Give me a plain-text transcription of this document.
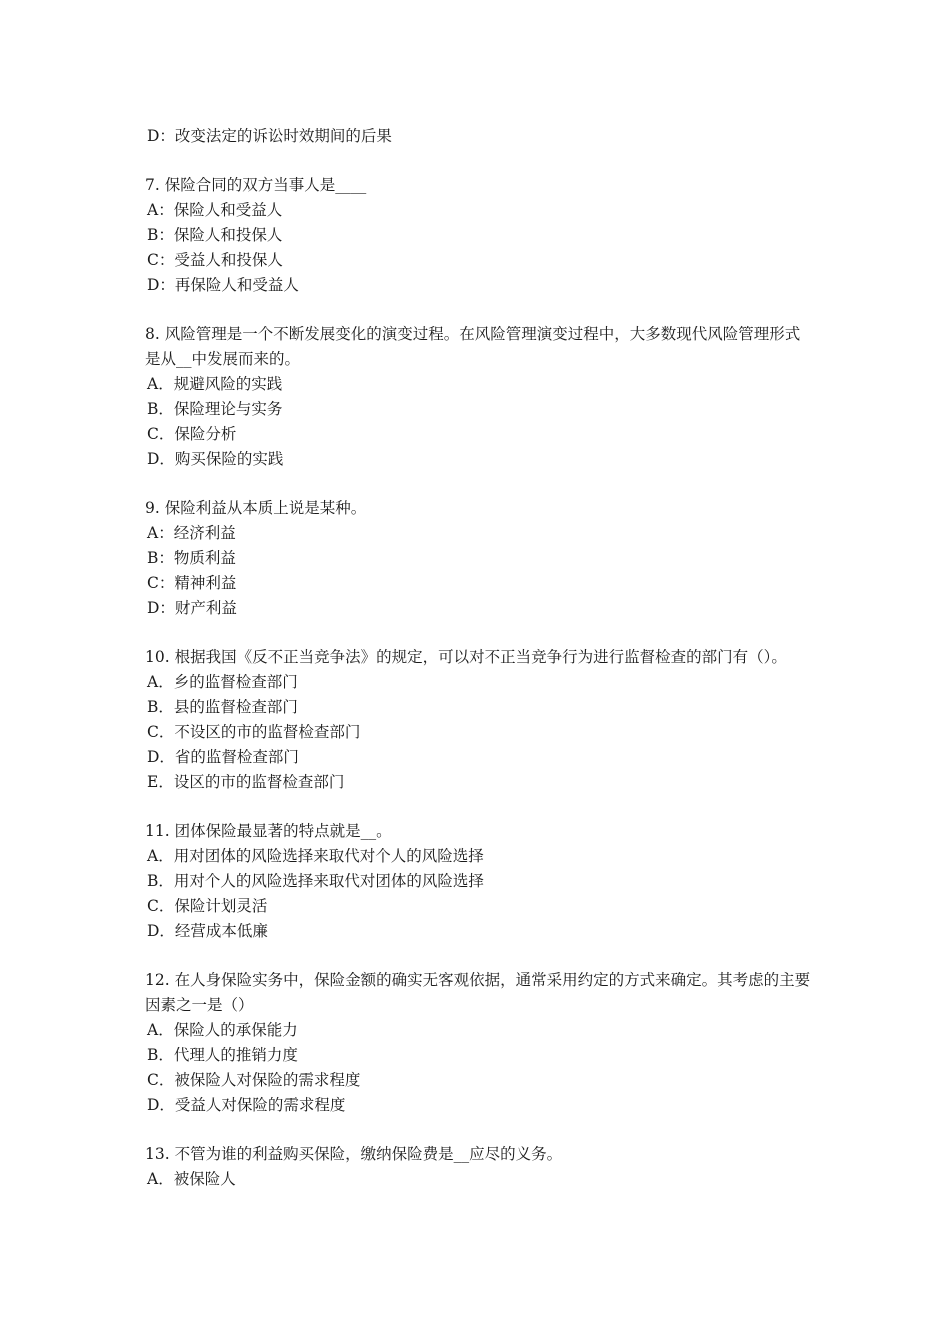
D：改变法定的诉讼时效期间的后果
7. 保险合同的双方当事人是____
A：保险人和受益人
B：保险人和投保人
C：受益人和投保人
D：再保险人和受益人
8. 风险管理是一个不断发展变化的演变过程。在风险管理演变过程中，大多数现代风险管理形式是从__中发展而来的。
A．规避风险的实践
B．保险理论与实务
C．保险分析
D．购买保险的实践
9. 保险利益从本质上说是某种。
A：经济利益
B：物质利益
C：精神利益
D：财产利益
10. 根据我国《反不正当竞争法》的规定，可以对不正当竞争行为进行监督检查的部门有（）。
A．乡的监督检查部门
B．县的监督检查部门
C．不设区的市的监督检查部门
D．省的监督检查部门
E．设区的市的监督检查部门
11. 团体保险最显著的特点就是__。
A．用对团体的风险选择来取代对个人的风险选择
B．用对个人的风险选择来取代对团体的风险选择
C．保险计划灵活
D．经营成本低廉
12. 在人身保险实务中，保险金额的确实无客观依据，通常采用约定的方式来确定。其考虑的主要因素之一是（）
A．保险人的承保能力
B．代理人的推销力度
C．被保险人对保险的需求程度
D．受益人对保险的需求程度
13. 不管为谁的利益购买保险，缴纳保险费是__应尽的义务。
A．被保险人
